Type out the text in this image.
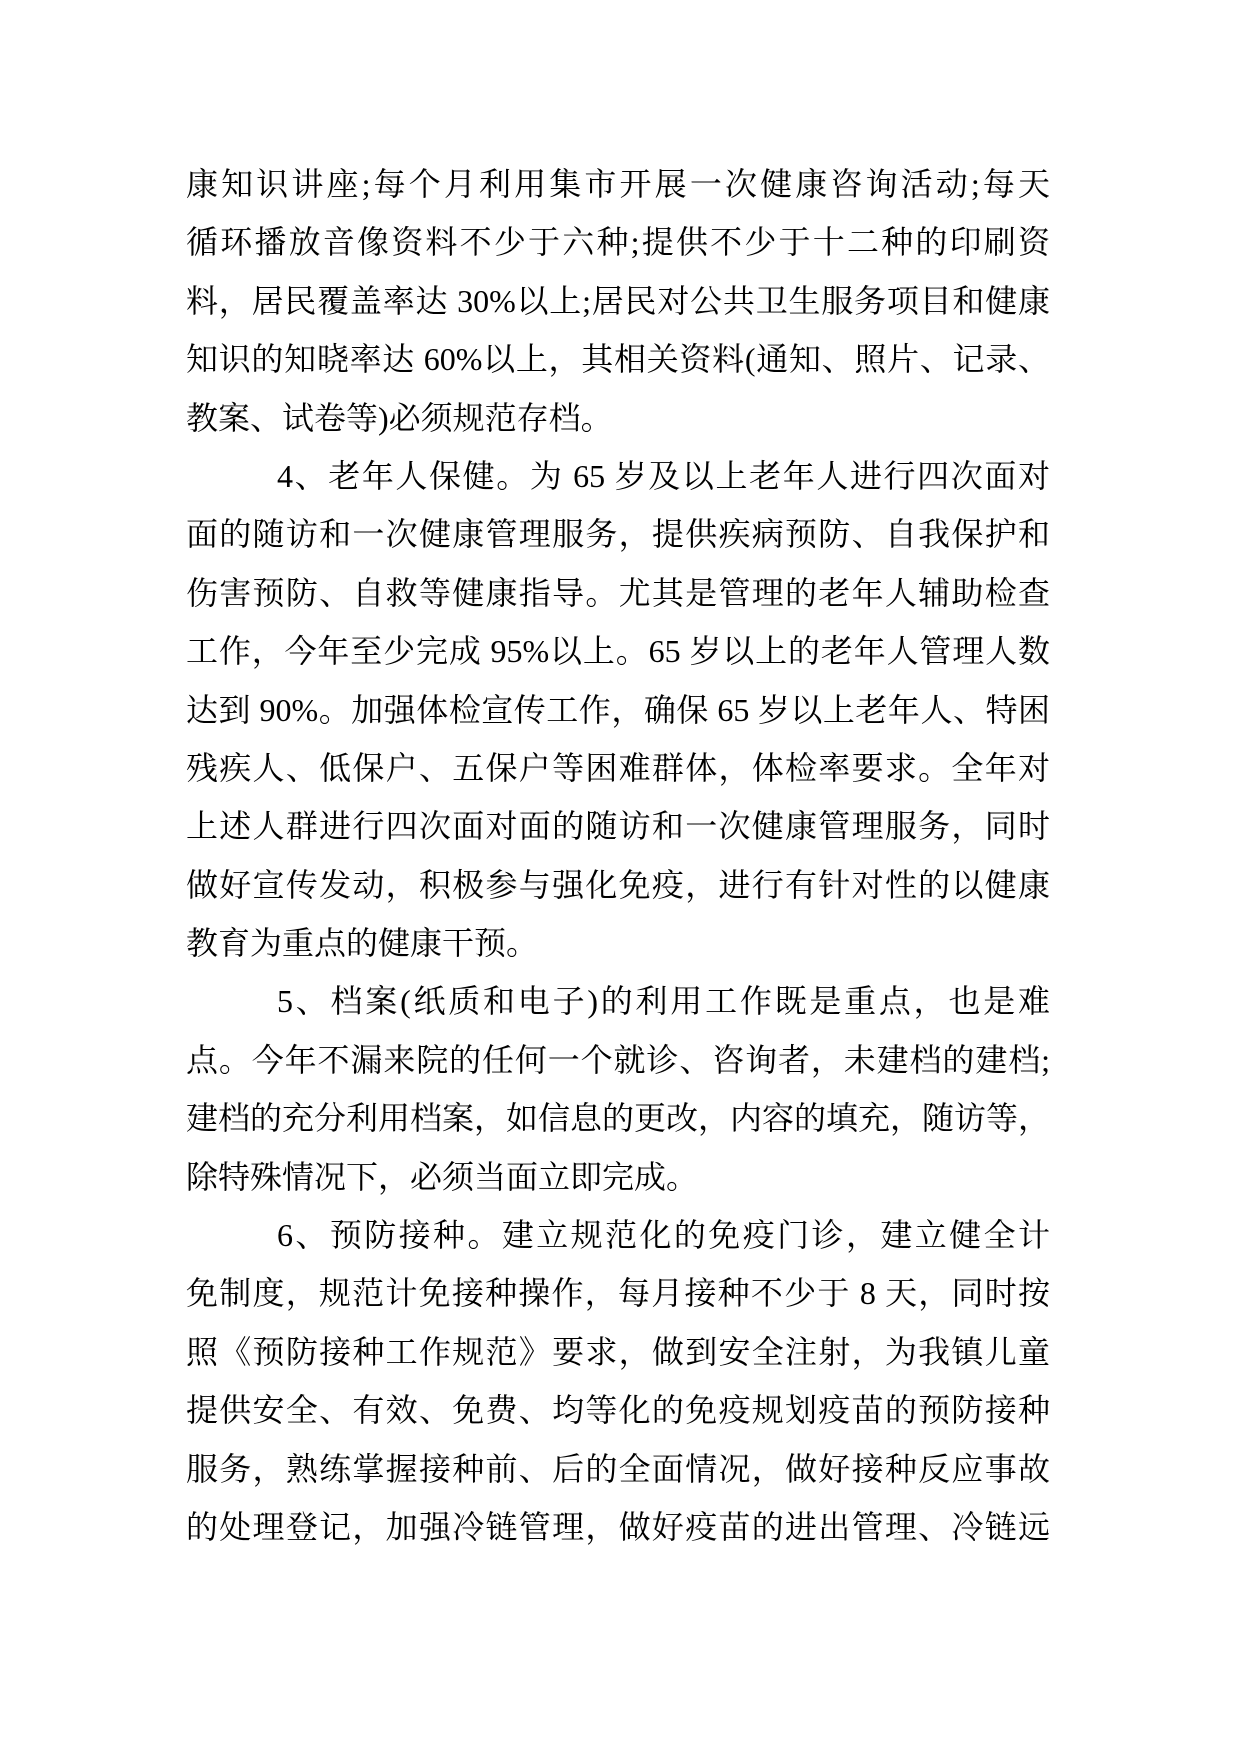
康知识讲座;每个月利用集市开展一次健康咨询活动;每天
循环播放音像资料不少于六种;提供不少于十二种的印刷资
料，居民覆盖率达 30%以上;居民对公共卫生服务项目和健康
知识的知晓率达 60%以上，其相关资料(通知、照片、记录、
教案、试卷等)必须规范存档。
4、老年人保健。为 65 岁及以上老年人进行四次面对
面的随访和一次健康管理服务，提供疾病预防、自我保护和
伤害预防、自救等健康指导。尤其是管理的老年人辅助检查
工作，今年至少完成 95%以上。65 岁以上的老年人管理人数
达到 90%。加强体检宣传工作，确保 65 岁以上老年人、特困
残疾人、低保户、五保户等困难群体，体检率要求。全年对
上述人群进行四次面对面的随访和一次健康管理服务，同时
做好宣传发动，积极参与强化免疫，进行有针对性的以健康
教育为重点的健康干预。
5、档案(纸质和电子)的利用工作既是重点，也是难
点。今年不漏来院的任何一个就诊、咨询者，未建档的建档;
建档的充分利用档案，如信息的更改，内容的填充，随访等，
除特殊情况下，必须当面立即完成。
6、预防接种。建立规范化的免疫门诊，建立健全计
免制度，规范计免接种操作，每月接种不少于 8 天，同时按
照《预防接种工作规范》要求，做到安全注射，为我镇儿童
提供安全、有效、免费、均等化的免疫规划疫苗的预防接种
服务，熟练掌握接种前、后的全面情况，做好接种反应事故
的处理登记，加强冷链管理，做好疫苗的进出管理、冷链远
